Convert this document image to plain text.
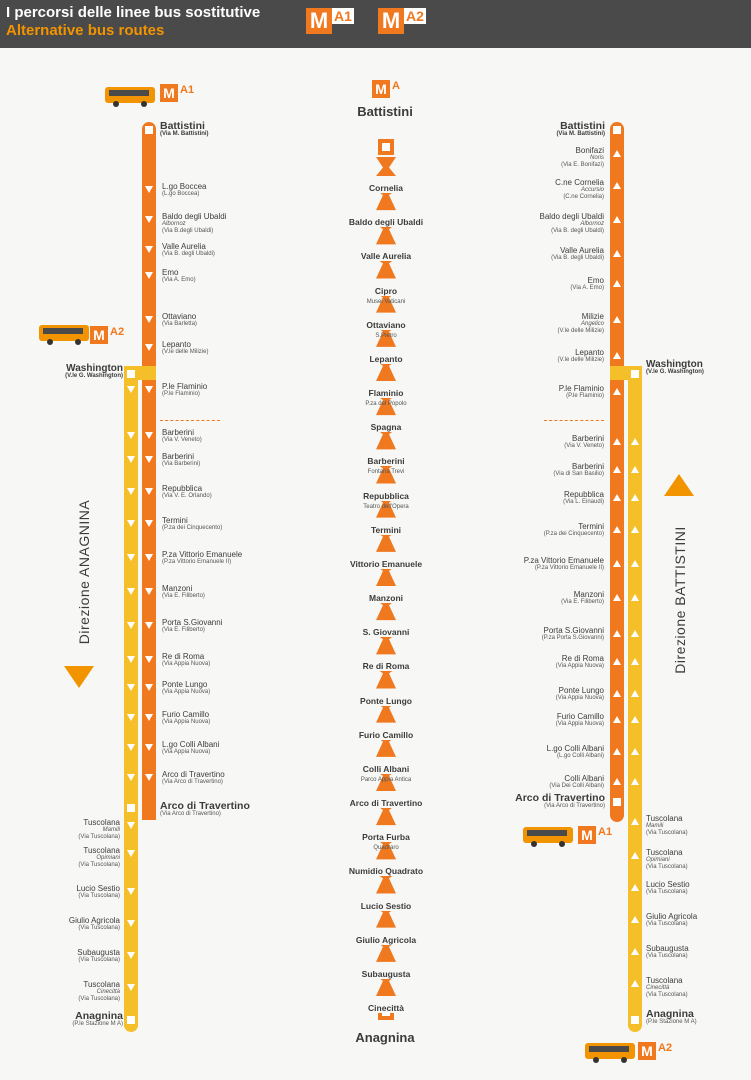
I percorsi delle linee bus sostitutive
Alternative bus routes	M A1 M A2
M A
Battistini
Anagnina
Cornelia
Baldo degli Ubaldi
Valle Aurelia
Cipro
Musei Vaticani
Ottaviano
S.Pietro
Lepanto
Flaminio
P.za del Popolo
Spagna
Barberini
Fontana Trevi
Repubblica
Teatro dell'Opera
Termini
Vittorio Emanuele
Manzoni
S. Giovanni
Re di Roma
Ponte Lungo
Furio Camillo
Colli Albani
Parco Appia Antica
Arco di Travertino
Porta Furba
Quadraro
Numidio Quadrato
Lucio Sestio
Giulio Agricola
Subaugusta
Cinecittà
M A1
M A2
Battistini
(Via M. Battistini)
Washington
(V.le G. Washington)
Arco di Travertino
(Via Arco di Travertino)
Anagnina
(P.le Stazione M A)
Direzione ANAGNINA
L.go Boccea
(L.go Boccea)
Baldo degli Ubaldi
Albornoz
(Via B.degli Ubaldi)
Valle Aurelia
(Via B. degli Ubaldi)
Emo
(Via A. Emo)
Ottaviano
(Via Barletta)
Lepanto
(V.le delle Milizie)
P.le Flaminio
(P.le Flaminio)
Barberini
(Via V. Veneto)
Barberini
(Via Barberini)
Repubblica
(Via V. E. Orlando)
Termini
(P.za dei Cinquecento)
P.za Vittorio Emanuele
(P.za Vittorio Emanuele II)
Manzoni
(Via E. Filiberto)
Porta S.Giovanni
(Via E. Filiberto)
Re di Roma
(Via Appia Nuova)
Ponte Lungo
(Via Appia Nuova)
Furio Camillo
(Via Appia Nuova)
L.go Colli Albani
(Via Appia Nuova)
Arco di Travertino
(Via Arco di Travertino)
Tuscolana
Mamili
(Via Tuscolana)
Tuscolana
Opimiani
(Via Tuscolana)
Lucio Sestio
(Via Tuscolana)
Giulio Agricola
(Via Tuscolana)
Subaugusta
(Via Tuscolana)
Tuscolana
Cinecittà
(Via Tuscolana)
M A1
M A2
Battistini
(Via M. Battistini)
Washington
(V.le G. Washington)
Arco di Travertino
(Via Arco di Travertino)
Anagnina
(P.le Stazione M A)
Direzione BATTISTINI
Bonifazi
Noris
(Via E. Bonifazi)
C.ne Cornelia
Accursio
(C.ne Cornelia)
Baldo degli Ubaldi
Albornoz
(Via B. degli Ubaldi)
Valle Aurelia
(Via B. degli Ubaldi)
Emo
(Via A. Emo)
Milizie
Angelico
(V.le delle Milizie)
Lepanto
(V.le delle Milizie)
P.le Flaminio
(P.le Flaminio)
Barberini
(Via V. Veneto)
Barberini
(Via di San Basilio)
Repubblica
(Via L. Einaudi)
Termini
(P.za dei Cinquecento)
P.za Vittorio Emanuele
(P.za Vittorio Emanuele II)
Manzoni
(Via E. Filiberto)
Porta S.Giovanni
(P.za Porta S.Giovanni)
Re di Roma
(Via Appia Nuova)
Ponte Lungo
(Via Appia Nuova)
Furio Camillo
(Via Appia Nuova)
L.go Colli Albani
(L.go Colli Albani)
Colli Albani
(Via Dei Colli Albani)
Tuscolana
Mamili
(Via Tuscolana)
Tuscolana
Opimiani
(Via Tuscolana)
Lucio Sestio
(Via Tuscolana)
Giulio Agricola
(Via Tuscolana)
Subaugusta
(Via Tuscolana)
Tuscolana
Cinecittà
(Via Tuscolana)
